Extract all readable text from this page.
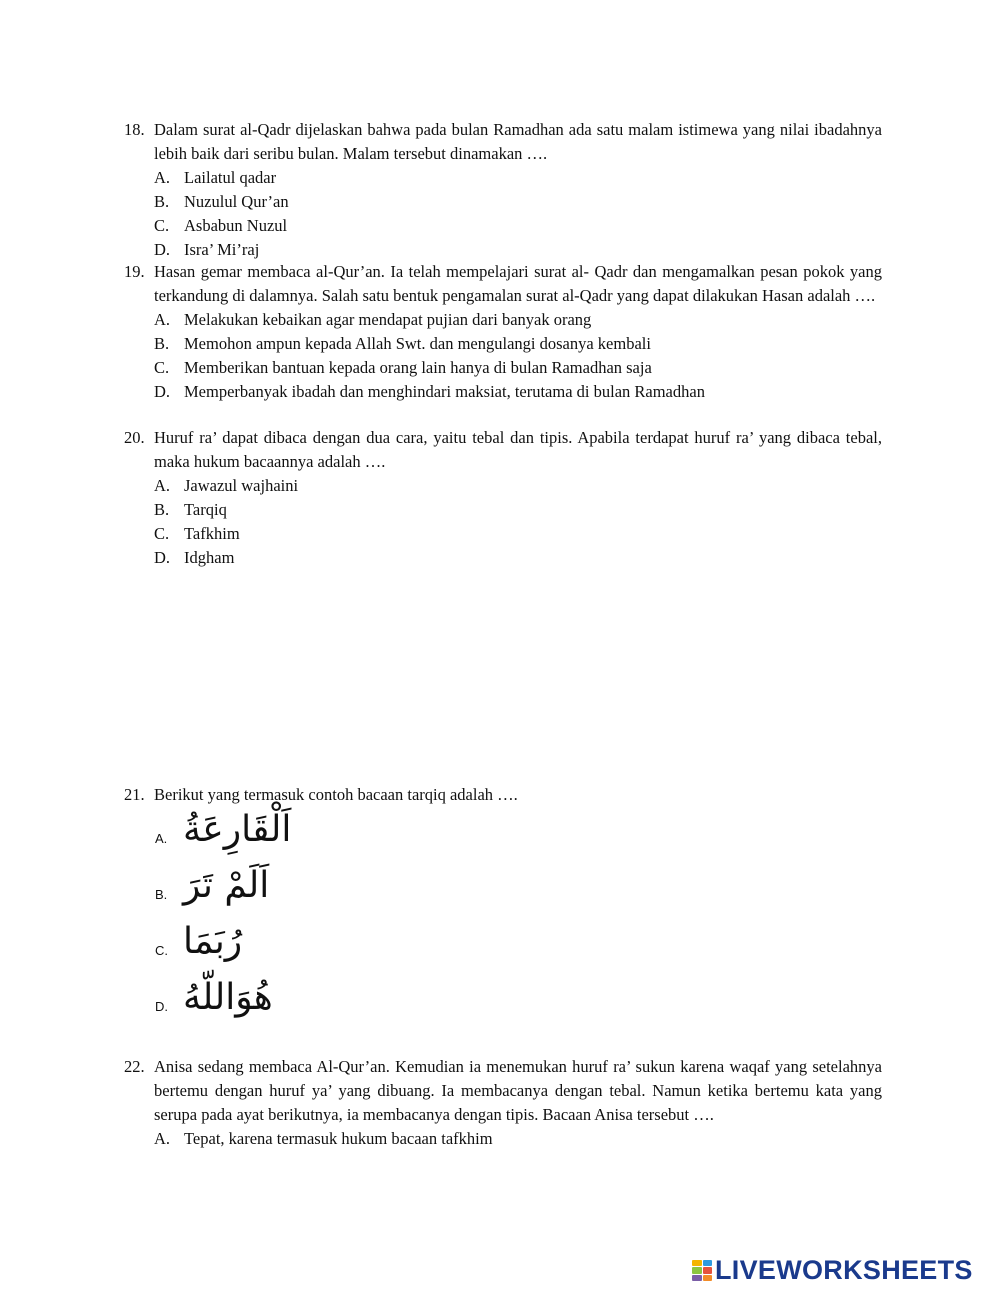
18. Dalam surat al-Qadr dijelaskan bahwa pada bulan Ramadhan ada satu malam istimewa yang nilai ibadahnya lebih baik dari seribu bulan. Malam tersebut dinamakan ….
A. Lailatul qadar
B. Nuzulul Qur’an
C. Asbabun Nuzul
D. Isra’ Mi’raj
19. Hasan gemar membaca al-Qur’an. Ia telah mempelajari surat al- Qadr dan mengamalkan pesan pokok yang terkandung di dalamnya. Salah satu bentuk pengamalan surat al-Qadr yang dapat dilakukan Hasan adalah ….
A. Melakukan kebaikan agar mendapat pujian dari banyak orang
B. Memohon ampun kepada Allah Swt. dan mengulangi dosanya kembali
C. Memberikan bantuan kepada orang lain hanya di bulan Ramadhan saja
D. Memperbanyak ibadah dan menghindari maksiat, terutama di bulan Ramadhan
20. Huruf ra’ dapat dibaca dengan dua cara, yaitu tebal dan tipis. Apabila terdapat huruf ra’ yang dibaca tebal, maka hukum bacaannya adalah ….
A. Jawazul wajhaini
B. Tarqiq
C. Tafkhim
D. Idgham
21. Berikut yang termasuk contoh bacaan tarqiq adalah ….
A. اَلْقَارِعَةُ
B. اَلَمْ تَرَ
C. رُبَمَا
D. هُوَاللّهُ
22. Anisa sedang membaca Al-Qur’an. Kemudian ia menemukan huruf ra’ sukun karena waqaf yang setelahnya bertemu dengan huruf ya’ yang dibuang. Ia membacanya dengan tebal. Namun ketika bertemu kata yang serupa pada ayat berikutnya, ia membacanya dengan tipis. Bacaan Anisa tersebut ….
A. Tepat, karena termasuk hukum bacaan tafkhim
LIVEWORKSHEETS
